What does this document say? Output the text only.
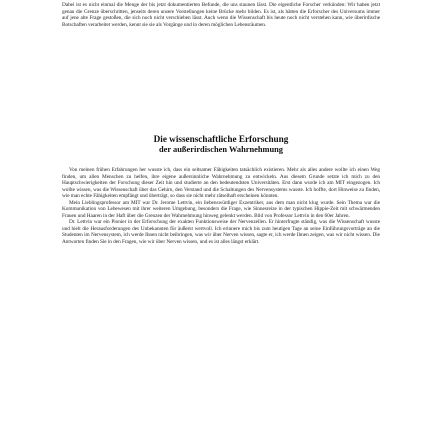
Dabei ist es nicht einmal die Menge der bis jetzt dokumentierten Befunde, die uns staunen lässt. Die eigentliche Forscher verkünden: Wir haben jetzt genau die Grenze überschritten, jenseits deren unsere Vorstellungen keine Brücke mehr bilden. Es ist, als hätten die Erforscher des Universums immer auf jene alte Frage gestoßen, die sich noch nicht verschieben lässt. Auch wenn die Wissenschaft bis heute noch nicht verstehen kann, wie überirdische Botschaften verarbeitet werden, kennt sie sie als Vorgänge und in deren möglichen Lebensräumen.

Die wissenschaftliche Erforschung
der außerirdischen Wahrnehmung

Von meinen frühen Erfahrungen her wusste ich, dass ein seltsamer Fähigkeiten tatsächlich existieren. Mehr als alles andere wollte ich einen Weg finden, um allen Menschen zu helfen, ihre eigene außersinnliche Wahrnehmung zu entwickeln. Aus diesem Grunde setzte ich mich zu den Hauptschwierigkeiten der Forschung dieser Zeit hin und studierte an den bedeutendsten Universitäten. Erst dann wurde ich am MIT eingezogen. Ich wollte wissen, was die Wissenschaft über das Gehirn, den Verstand und die Schaltungen des Nervensystems wusste. Ich hoffte, dort Hinweise zu finden, wie man echte Fähigkeiten empfängt und überträgt, so dass sie nicht mehr rätselhaft erscheinen könnten.

Mein Lieblingsprofessor am MIT war Dr. Jerome Lettvin, ein liebenswürdiger Exzentriker, aus dem man nicht klug wurde. Sein Thema war die Kommunikation von Lebewesen mit ihrer weiteren Umgebung, besonders die Frage, wie Sinnesreize in der typischen Hippie-Zeit mit schwärmenden Frauen und Haaren in der Haft über die Grenzen der Wahrnehmung hinweg gelenkt werden. Bild von Professor Lettvin in den 60er Jahren.

Dr. Lettvin war ein Pionier in der Erforschung der exakten Funktionsweise der Nervenzellen. Er hinterfragte ständig, was die Wissenschaft wusste und hielt die Herausforderungen des Unbekannten für äußerst wertvoll. Ich erinnere mich bis zum heutigen Tage an seine Einführungsvorträge an die Studenten im Nervensystem, ich werde Ihnen nicht beibringen, was wir über Nerven wissen, sagte er, ich werde Ihnen zeigen, was wir nicht wissen. Die Antworten finden Sie in den Fragen, wie wir über Nerven wissen, und es ist alles längst erklärt.
